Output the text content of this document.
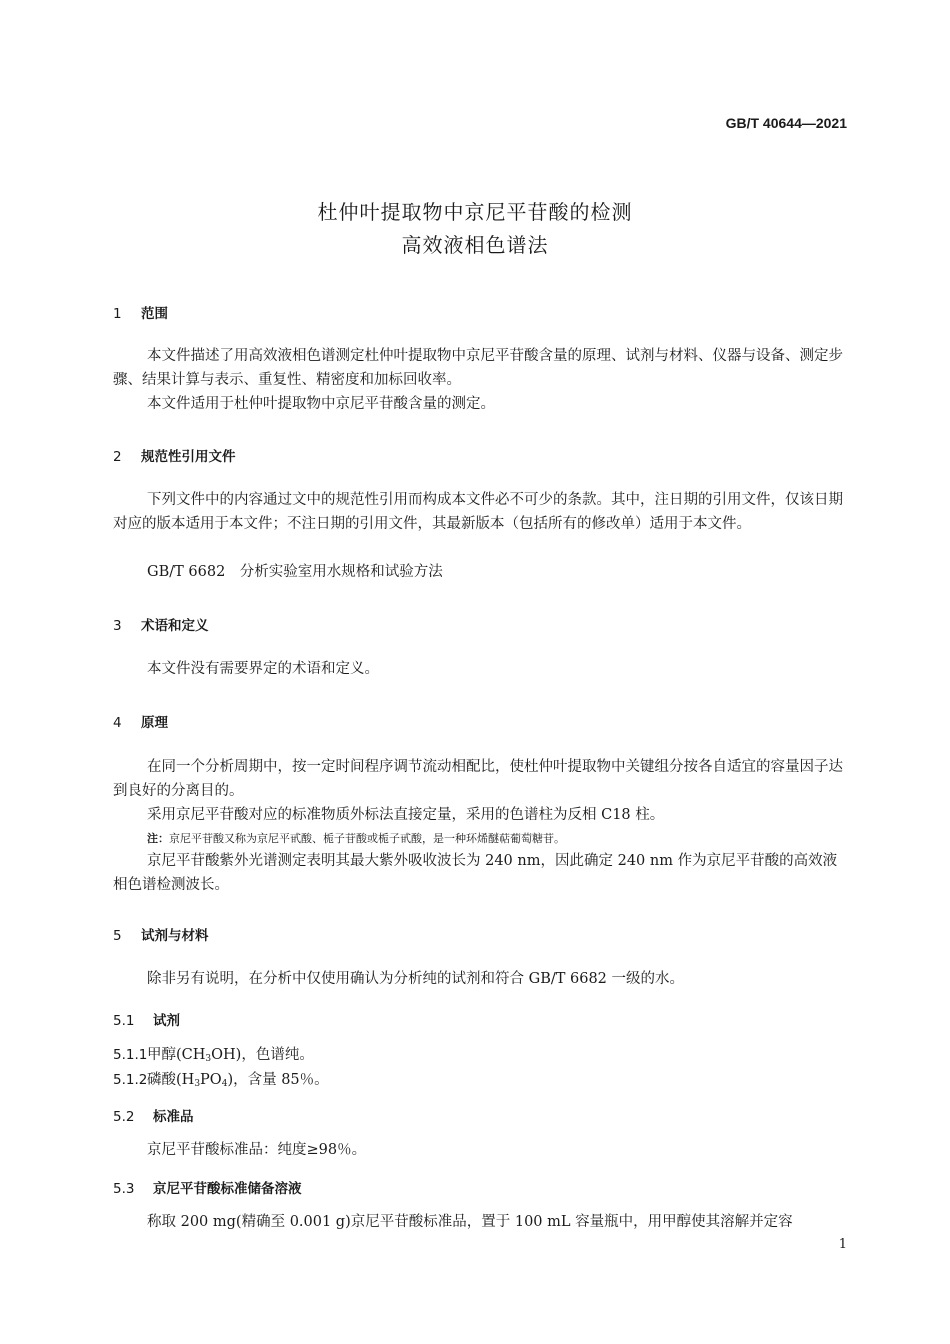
GB/T 40644—2021
杜仲叶提取物中京尼平苷酸的检测
高效液相色谱法
1 范围
本文件描述了用高效液相色谱测定杜仲叶提取物中京尼平苷酸含量的原理、试剂与材料、仪器与设备、测定步骤、结果计算与表示、重复性、精密度和加标回收率。
本文件适用于杜仲叶提取物中京尼平苷酸含量的测定。
2 规范性引用文件
下列文件中的内容通过文中的规范性引用而构成本文件必不可少的条款。其中，注日期的引用文件，仅该日期对应的版本适用于本文件；不注日期的引用文件，其最新版本（包括所有的修改单）适用于本文件。
GB/T 6682　分析实验室用水规格和试验方法
3 术语和定义
本文件没有需要界定的术语和定义。
4 原理
在同一个分析周期中，按一定时间程序调节流动相配比，使杜仲叶提取物中关键组分按各自适宜的容量因子达到良好的分离目的。
采用京尼平苷酸对应的标准物质外标法直接定量，采用的色谱柱为反相 C18 柱。
注：京尼平苷酸又称为京尼平甙酸、栀子苷酸或栀子甙酸，是一种环烯醚萜葡萄糖苷。
京尼平苷酸紫外光谱测定表明其最大紫外吸收波长为 240 nm，因此确定 240 nm 作为京尼平苷酸的高效液相色谱检测波长。
5 试剂与材料
除非另有说明，在分析中仅使用确认为分析纯的试剂和符合 GB/T 6682 一级的水。
5.1 试剂
5.1.1甲醇$(CH_3OH)$，色谱纯。
5.1.2磷酸$(H_3PO_4)$，含量 85％。
5.2 标准品
京尼平苷酸标准品：纯度≥98％。
5.3 京尼平苷酸标准储备溶液
称取 200 mg(精确至 0.001 g)京尼平苷酸标准品，置于 100 mL 容量瓶中，用甲醇使其溶解并定容
1
